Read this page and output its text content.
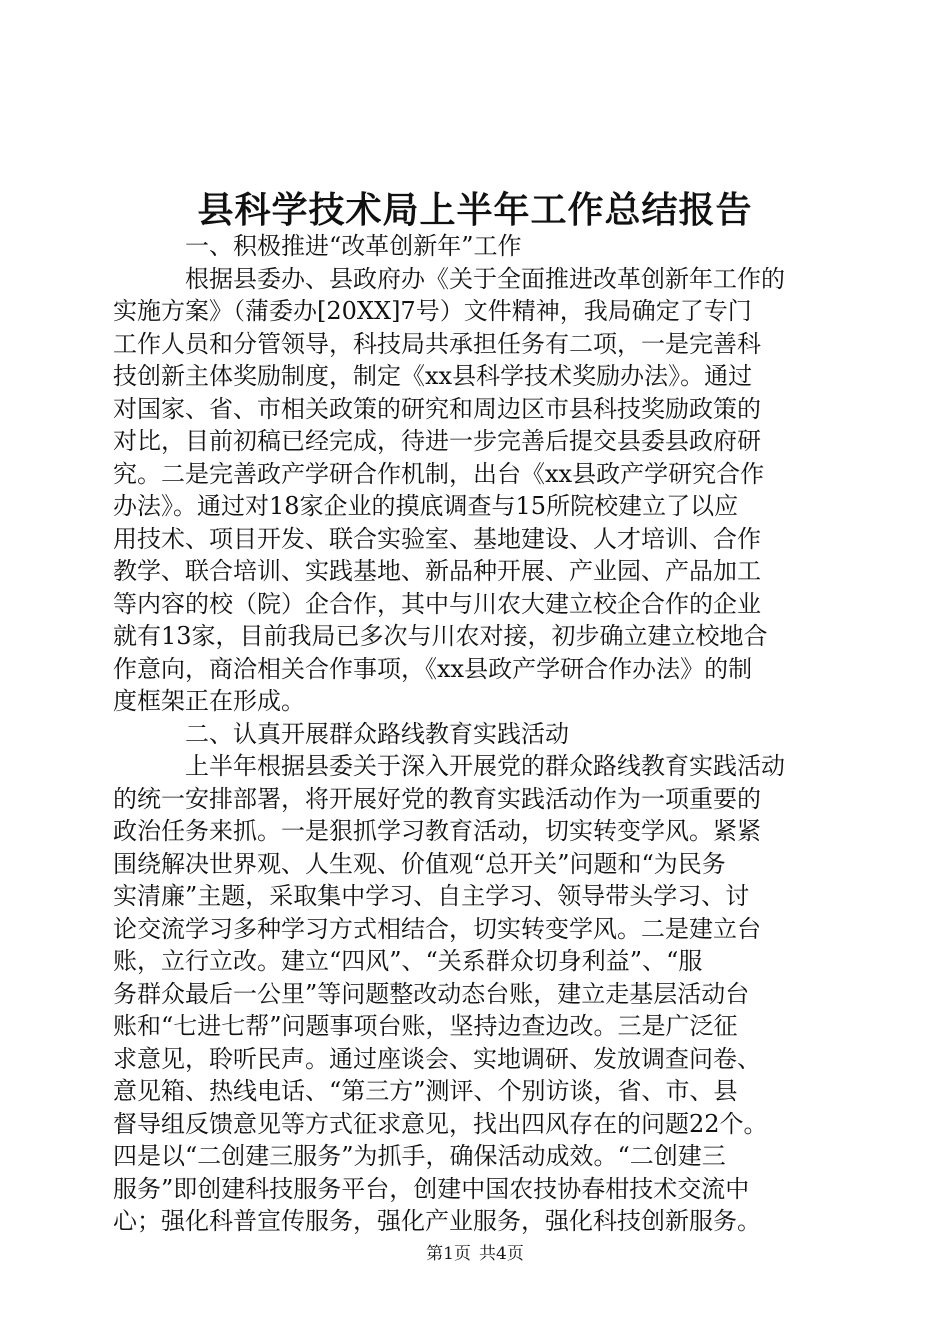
县科学技术局上半年工作总结报告
一、积极推进“改革创新年”工作
根据县委办、县政府办《关于全面推进改革创新年工作的
实施方案》（蒲委办[20XX]7号）文件精神，我局确定了专门
工作人员和分管领导，科技局共承担任务有二项，一是完善科
技创新主体奖励制度，制定《xx县科学技术奖励办法》。通过
对国家、省、市相关政策的研究和周边区市县科技奖励政策的
对比，目前初稿已经完成，待进一步完善后提交县委县政府研
究。二是完善政产学研合作机制，出台《xx县政产学研究合作
办法》。通过对18家企业的摸底调查与15所院校建立了以应
用技术、项目开发、联合实验室、基地建设、人才培训、合作
教学、联合培训、实践基地、新品种开展、产业园、产品加工
等内容的校（院）企合作，其中与川农大建立校企合作的企业
就有13家，目前我局已多次与川农对接，初步确立建立校地合
作意向，商洽相关合作事项，《xx县政产学研合作办法》的制
度框架正在形成。
二、认真开展群众路线教育实践活动
上半年根据县委关于深入开展党的群众路线教育实践活动
的统一安排部署，将开展好党的教育实践活动作为一项重要的
政治任务来抓。一是狠抓学习教育活动，切实转变学风。紧紧
围绕解决世界观、人生观、价值观“总开关”问题和“为民务
实清廉”主题，采取集中学习、自主学习、领导带头学习、讨
论交流学习多种学习方式相结合，切实转变学风。二是建立台
账，立行立改。建立“四风”、“关系群众切身利益”、“服
务群众最后一公里”等问题整改动态台账，建立走基层活动台
账和“七进七帮”问题事项台账，坚持边查边改。三是广泛征
求意见，聆听民声。通过座谈会、实地调研、发放调查问卷、
意见箱、热线电话、“第三方”测评、个别访谈，省、市、县
督导组反馈意见等方式征求意见，找出四风存在的问题22个。
四是以“二创建三服务”为抓手，确保活动成效。“二创建三
服务”即创建科技服务平台，创建中国农技协春柑技术交流中
心；强化科普宣传服务，强化产业服务，强化科技创新服务。
第1页 共4页
